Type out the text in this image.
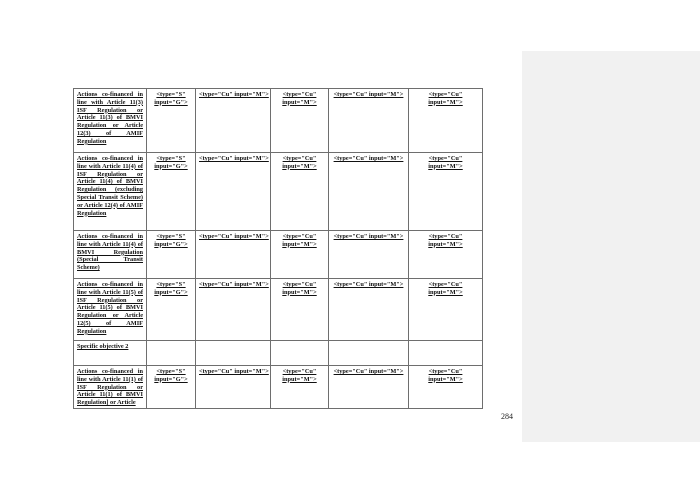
Actions co-financed in line with Article 11(3) ISF Regulation or Article 11(3) of BMVI Regulation or Article 12(3) of AMIF Regulation	<type="S"
input="G">	<type="Cu" input="M">	<type="Cu"
input="M">	<type="Cu" input="M">	<type="Cu"
input="M">
Actions co-financed in line with Article 11(4) of ISF Regulation or Article 11(4) of BMVI Regulation (excluding Special Transit Scheme) or Article 12(4) of AMIF Regulation	<type="S"
input="G">	<type="Cu" input="M">	<type="Cu"
input="M">	<type="Cu" input="M">	<type="Cu"
input="M">
Actions co-financed in line with Article 11(4) of BMVI Regulation (Special Transit Scheme)	<type="S"
input="G">	<type="Cu" input="M">	<type="Cu"
input="M">	<type="Cu" input="M">	<type="Cu"
input="M">
Actions co-financed in line with Article 11(5) of ISF Regulation or Article 11(5) of BMVI Regulation or Article 12(5) of AMIF Regulation	<type="S"
input="G">	<type="Cu" input="M">	<type="Cu"
input="M">	<type="Cu" input="M">	<type="Cu"
input="M">
Specific objective 2					
Actions co-financed in line with Article 11(1) of ISF Regulation or Article 11(1) of BMVI Regulation] or Article	<type="S"
input="G">	<type="Cu" input="M">	<type="Cu"
input="M">	<type="Cu" input="M">	<type="Cu"
input="M">
284
